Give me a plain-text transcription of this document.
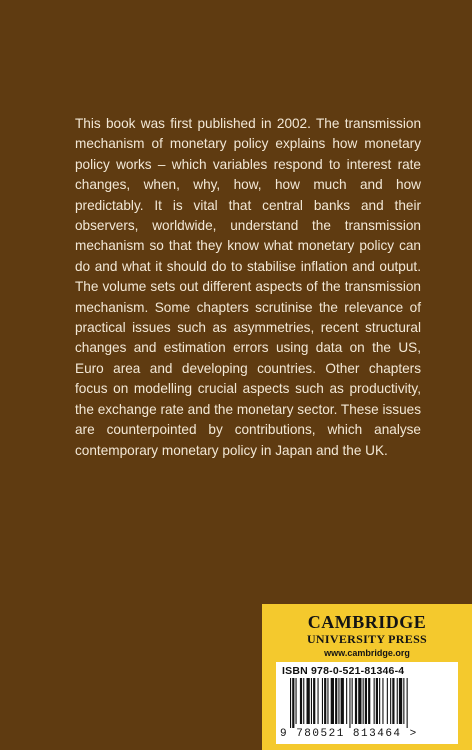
This book was first published in 2002. The transmission mechanism of monetary policy explains how monetary policy works – which variables respond to interest rate changes, when, why, how, how much and how predictably. It is vital that central banks and their observers, worldwide, understand the transmission mechanism so that they know what monetary policy can do and what it should do to stabilise inflation and output. The volume sets out different aspects of the transmission mechanism. Some chapters scrutinise the relevance of practical issues such as asymmetries, recent structural changes and estimation errors using data on the US, Euro area and developing countries. Other chapters focus on modelling crucial aspects such as productivity, the exchange rate and the monetary sector. These issues are counterpointed by contributions, which analyse contemporary monetary policy in Japan and the UK.

CAMBRIDGE
UNIVERSITY PRESS
www.cambridge.org
ISBN 978-0-521-81346-4
9 780521 813464 >
